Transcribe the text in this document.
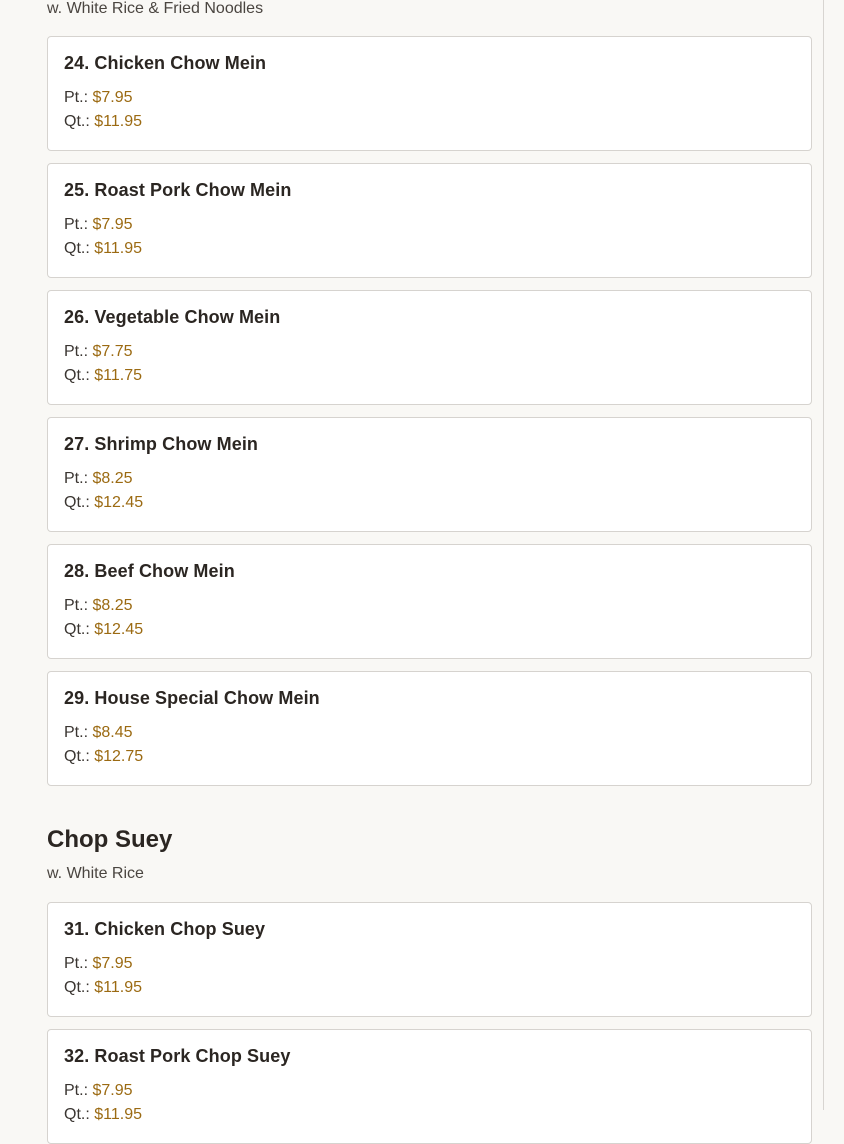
w. White Rice & Fried Noodles
24. Chicken Chow Mein
Pt.: $7.95
Qt.: $11.95
25. Roast Pork Chow Mein
Pt.: $7.95
Qt.: $11.95
26. Vegetable Chow Mein
Pt.: $7.75
Qt.: $11.75
27. Shrimp Chow Mein
Pt.: $8.25
Qt.: $12.45
28. Beef Chow Mein
Pt.: $8.25
Qt.: $12.45
29. House Special Chow Mein
Pt.: $8.45
Qt.: $12.75
Chop Suey
w. White Rice
31. Chicken Chop Suey
Pt.: $7.95
Qt.: $11.95
32. Roast Pork Chop Suey
Pt.: $7.95
Qt.: $11.95
